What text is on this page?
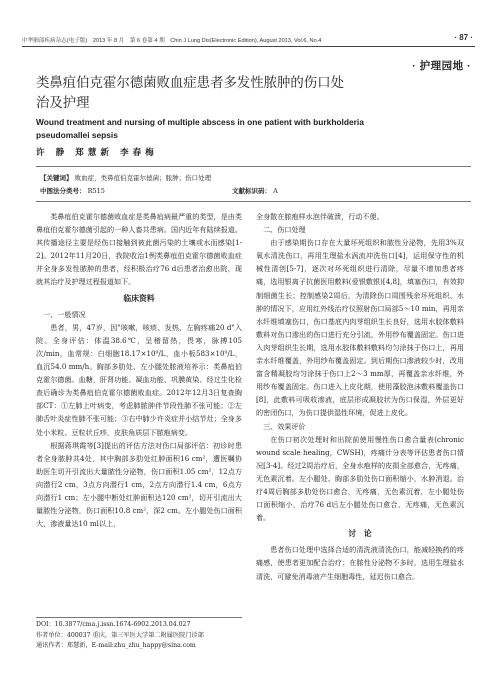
中华肺部疾病杂志(电子版)　2013 年 8 月　第 6 卷第 4 期　Chin J Lung Dis(Electronic Edition), August 2013, Vol.6, No.4	· 87 ·
· 护理园地 ·
类鼻疽伯克霍尔德菌败血症患者多发性脓肿的伤口处治及护理
Wound treatment and nursing of multiple abscess in one patient with burkholderia pseudomallei sepsis
许 静 郑慧新 李春梅
【关键词】 败血症，类鼻疽伯克霍尔德菌；脓肿；伤口处理
中图法分类号： R515	文献标识码： A

类鼻疽伯克霍尔德菌败血症是类鼻疽病最严重的类型，是由类鼻疽伯克霍尔德菌引起的一种人畜共患病。国内近年有陆续报道。其传播途径主要是经伤口接触到被此菌污染的土壤或水而感染[1-2]。2012年11月20日，我院收治1例类鼻疽伯克霍尔德菌败血症并全身多发性脓肿的患者，经积极治疗76 d后患者治愈出院，现就其治疗及护理过程报道如下。

临床资料

一、一般情况

患者，男，47岁，因"咳嗽，咳痰、发热、左胸疼痛20 d"入院。全身评估：体温38.6℃，呈稽留热，畏寒，脉搏105次/min，血常规：白细胞18.17×10⁹/L，血小板583×10⁹/L，血沉54.0 mm/h。胸部多肋处、左小腿处脓液培养示：类鼻疽伯克霍尔德菌。血糖，肝肾功能、凝血功能、巩膜黄染、经过生化检查后确诊为类鼻疽伯克霍尔德菌败血症。2012年12月3日复查胸部CT：①左肺上叶病变，考虑肺脓肿伴节段性肺不张可能；②左肺舌叶炎症性肺不张可能；③右中肺少许炎症并小结节灶；全身多处小米粒、豆粒状丘疹，皮肤角质层下脓疱病变。

根据蒋琪霞等[3]提出的评估方法对伤口局部评估：初诊时患者全身脓肿共4处，其中胸部多肋处红肿面积16 cm²，遭医嘱协助医生切开引流出大量脓性分泌物，伤口面积1.05 cm²，12点方向潜行2 cm，3点方向潜行1 cm，2点方向潜行1.4 cm，6点方向潜行1 cm；左小腿中断处红肿面积达120 cm²，切开引流出大量脓性分泌物，伤口面积10.8 cm²，深2 cm。左小腿处伤口面积大，渗液量达10 ml以上，

全身散在脓疱样水泡伴破溃，行动不便。

二、伤口处理

由于感染期伤口存在大量坏死组织和脓性分泌物，先用3%双氧水清洗伤口，再用生理盐水涡流冲洗伤口[4]，运用保守性的机械性清创[5-7]，逐次对坏死组织进行清除，尽量不增加患者疼痛，选用银离子抗菌医用敷料(爱银敷银)[4,8]，填塞伤口，有效抑制细菌生长；控制感染2周后，为清除伤口周围残余坏死组织、水肿的情况下，应用红外线治疗仪照射伤口局部5～10 min，再用亲水纤维填塞伤口，伤口基底内肉芽组织生长良好，选用水胶体敷料敷料对伤口渗出的伤口进行充分引流，外用纱布覆盖固定。伤口进入肉芽组织生长期，选用水胶体敷料敷料均匀涂抹于伤口上，再用亲水纤维覆盖，外用纱布覆盖固定。到后期伤口渗液较少时，改用富含精凝胶均匀涂抹于伤口上2～3 mm厚，再覆盖亲水纤维，外用纱布覆盖固定。伤口进入上皮化期，使用藻胶泡沫敷料覆盖伤口[8]，此敷料可吸收渗液，底层形成凝胶状为伤口保湿，外层更好的密闭伤口，为伤口提供湿性环境，促进上皮化。

三、效果评价

在伤口初次处理时和出院前使用慢性伤口愈合量表(chronic wound scale healing，CWSH)，疼痛计分表等评估患者伤口情况[3-4]。经过2周治疗后，全身水疱样的皮损全部愈合，无疼痛，无色素沉着。左小腿处、胸部多肋处伤口面积缩小，水肿消退。治疗4周后胸部多肋处伤口愈合，无疼痛，无色素沉着，左小腿处伤口面积缩小，治疗76 d后左小腿处伤口愈合，无疼痛，无色素沉着。

讨　论

患者伤口处理中选择合适的清洗液清洗伤口，能减轻换药的疼痛感，使患者更加配合治疗；在脓性分泌物不多时，选用生理盐水清洗，可避免消毒液产生细胞毒性，延迟伤口愈合。

DOI：10.3877/cma.j.issn.1674-6902.2013.04.027
作者单位：400037 重庆，第三军医大学第二附属医院门诊部
通讯作者：郑慧新，E-mail:zhu_zhu_happy@sina.com
